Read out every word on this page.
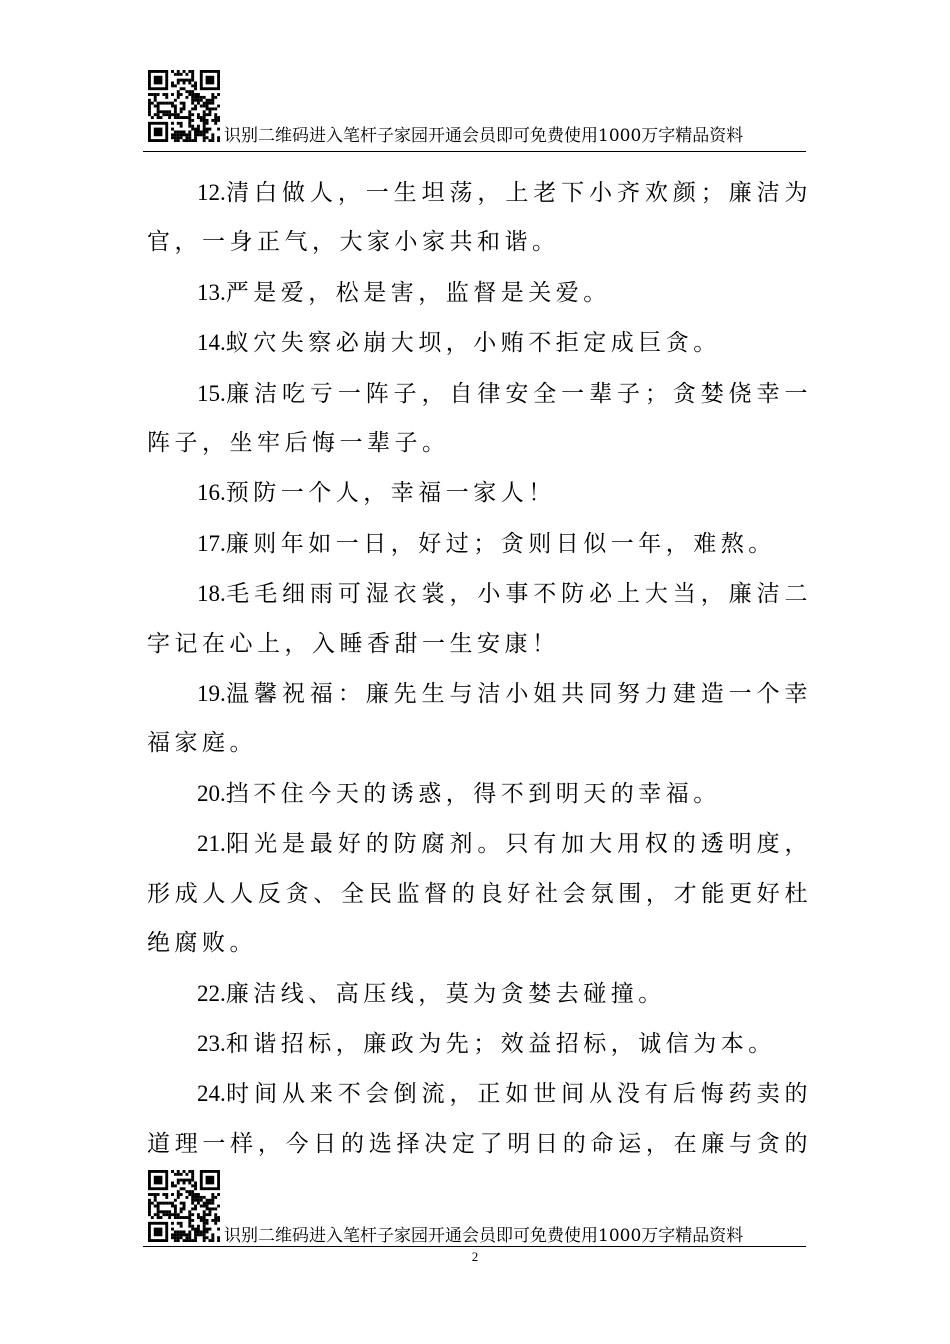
识别二维码进入笔杆子家园开通会员即可免费使用1000万字精品资料

12.清白做人，一生坦荡，上老下小齐欢颜；廉洁为官，一身正气，大家小家共和谐。

13.严是爱，松是害，监督是关爱。

14.蚁穴失察必崩大坝，小贿不拒定成巨贪。

15.廉洁吃亏一阵子，自律安全一辈子；贪婪侥幸一阵子，坐牢后悔一辈子。

16.预防一个人，幸福一家人！

17.廉则年如一日，好过；贪则日似一年，难熬。

18.毛毛细雨可湿衣裳，小事不防必上大当，廉洁二字记在心上，入睡香甜一生安康！

19.温馨祝福：廉先生与洁小姐共同努力建造一个幸福家庭。

20.挡不住今天的诱惑，得不到明天的幸福。

21.阳光是最好的防腐剂。只有加大用权的透明度，形成人人反贪、全民监督的良好社会氛围，才能更好杜绝腐败。

22.廉洁线、高压线，莫为贪婪去碰撞。

23.和谐招标，廉政为先；效益招标，诚信为本。

24.时间从来不会倒流，正如世间从没有后悔药卖的道理一样，今日的选择决定了明日的命运，在廉与贪的

识别二维码进入笔杆子家园开通会员即可免费使用1000万字精品资料
2
